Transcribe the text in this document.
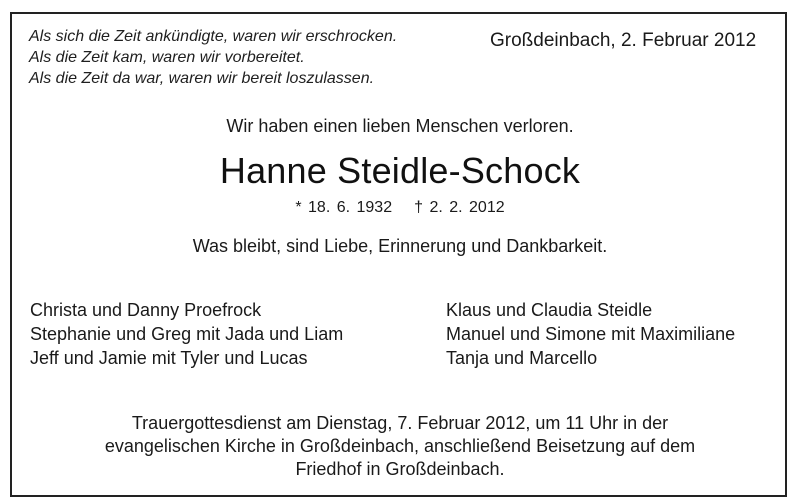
Als sich die Zeit ankündigte, waren wir erschrocken.
Als die Zeit kam, waren wir vorbereitet.
Als die Zeit da war, waren wir bereit loszulassen.
Großdeinbach, 2. Februar 2012
Wir haben einen lieben Menschen verloren.
Hanne Steidle-Schock
* 18. 6. 1932 † 2. 2. 2012
Was bleibt, sind Liebe, Erinnerung und Dankbarkeit.
Christa und Danny Proefrock
Stephanie und Greg mit Jada und Liam
Jeff und Jamie mit Tyler und Lucas
Klaus und Claudia Steidle
Manuel und Simone mit Maximiliane
Tanja und Marcello
Trauergottesdienst am Dienstag, 7. Februar 2012, um 11 Uhr in der
evangelischen Kirche in Großdeinbach, anschließend Beisetzung auf dem
Friedhof in Großdeinbach.
